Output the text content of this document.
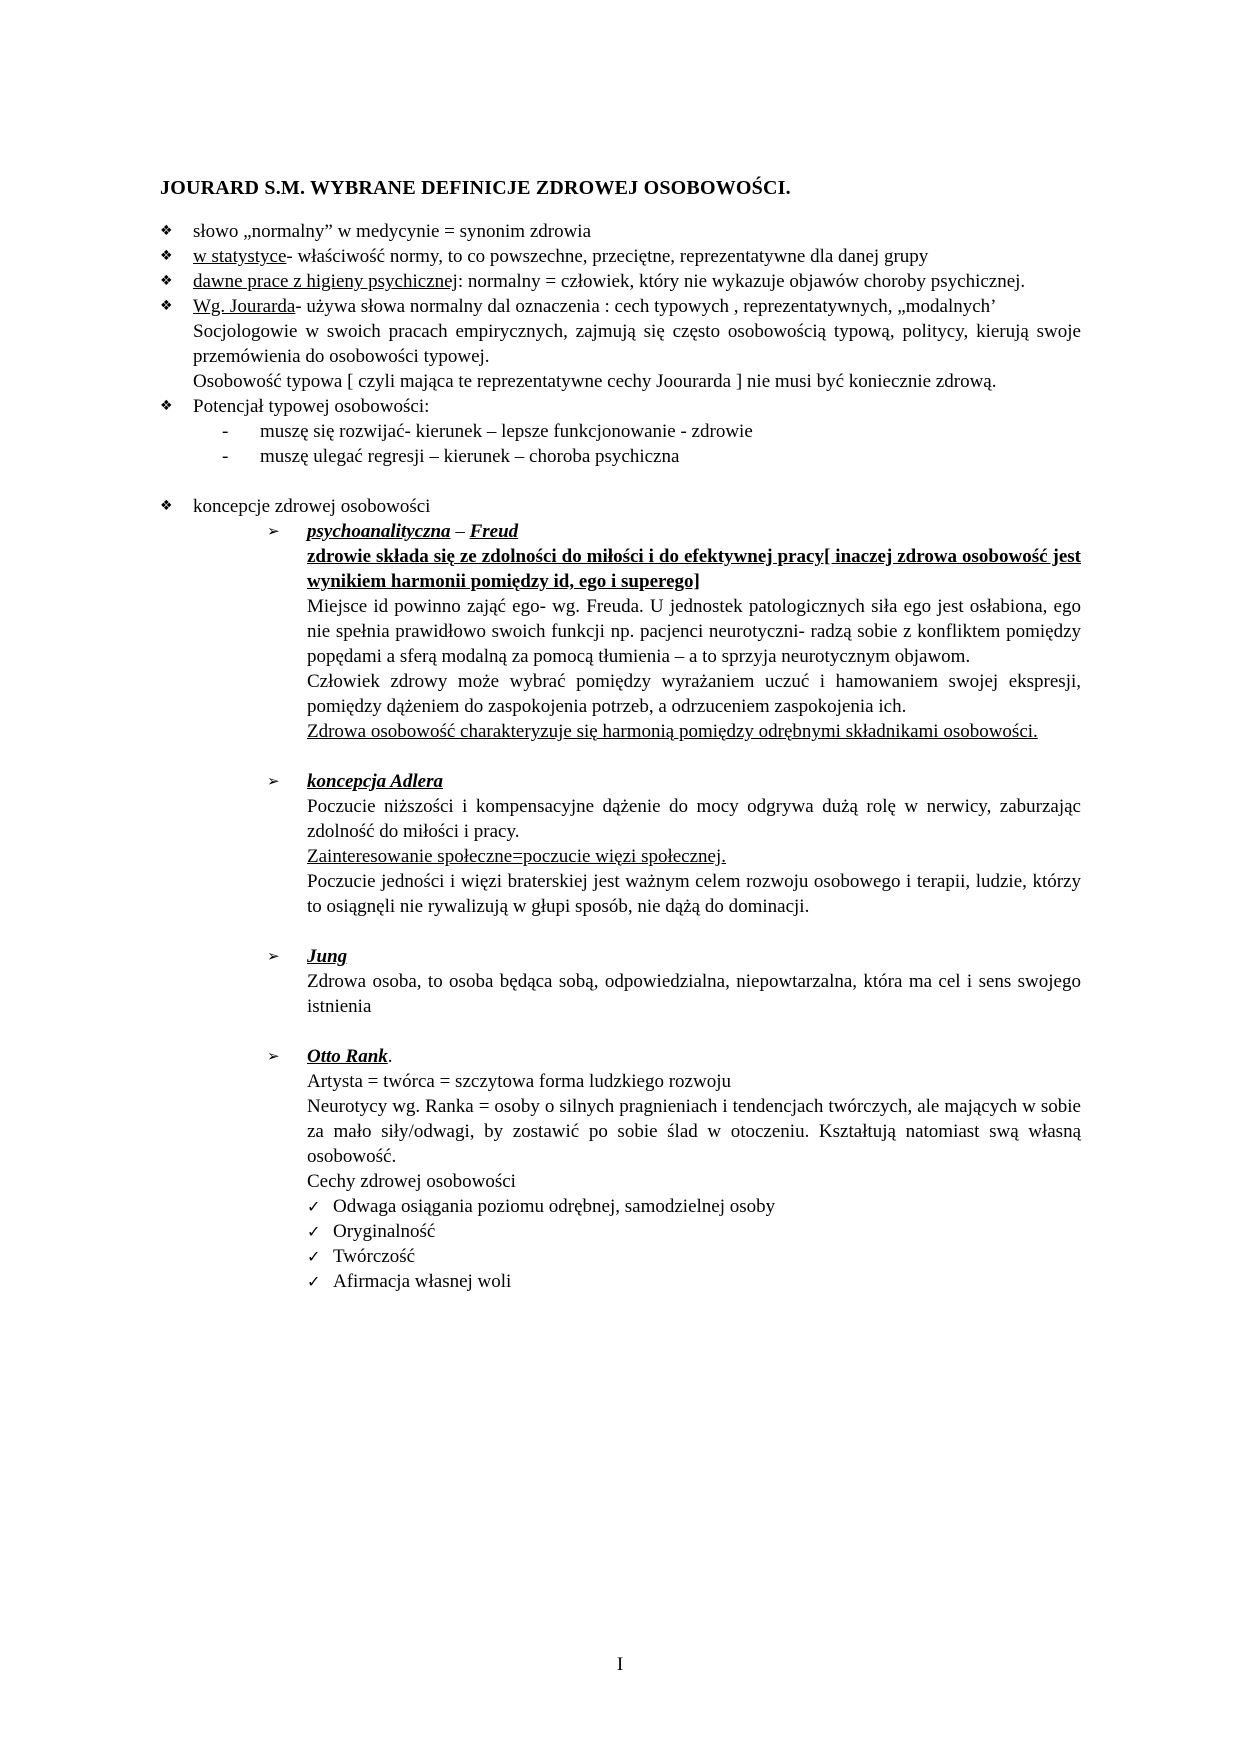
JOURARD S.M. WYBRANE DEFINICJE ZDROWEJ OSOBOWOŚCI.
❖	słowo „normalny” w medycynie = synonim zdrowia
❖	w statystyce- właściwość normy, to co powszechne, przeciętne, reprezentatywne dla danej grupy
❖	dawne prace z higieny psychicznej: normalny = człowiek, który nie wykazuje objawów choroby psychicznej.
❖	Wg. Jourarda- używa słowa normalny dal oznaczenia : cech typowych , reprezentatywnych, „modalnych’
Socjologowie w swoich pracach empirycznych, zajmują się często osobowością typową, politycy, kierują swoje przemówienia do osobowości typowej.
Osobowość typowa [ czyli mająca te reprezentatywne cechy Joourarda ] nie musi być koniecznie zdrową.
❖	Potencjał typowej osobowości:
-	muszę się rozwijać- kierunek – lepsze funkcjonowanie - zdrowie
-	muszę ulegać regresji – kierunek – choroba psychiczna
❖	koncepcje zdrowej osobowości
➢	psychoanalityczna – Freud
zdrowie składa się ze zdolności do miłości i do efektywnej pracy[ inaczej zdrowa osobowość jest wynikiem harmonii pomiędzy id, ego i superego]
Miejsce id powinno zająć ego- wg. Freuda. U jednostek patologicznych siła ego jest osłabiona, ego nie spełnia prawidłowo swoich funkcji np. pacjenci neurotyczni- radzą sobie z konfliktem pomiędzy popędami a sferą modalną za pomocą tłumienia – a to sprzyja neurotycznym objawom.
Człowiek zdrowy może wybrać pomiędzy wyrażaniem uczuć i hamowaniem swojej ekspresji, pomiędzy dążeniem do zaspokojenia potrzeb, a odrzuceniem zaspokojenia ich.
Zdrowa osobowość charakteryzuje się harmonią pomiędzy odrębnymi składnikami osobowości.
➢	koncepcja Adlera
Poczucie niższości i kompensacyjne dążenie do mocy odgrywa dużą rolę w nerwicy, zaburzając zdolność do miłości i pracy.
Zainteresowanie społeczne=poczucie więzi społecznej.
Poczucie jedności i więzi braterskiej jest ważnym celem rozwoju osobowego i terapii, ludzie, którzy to osiągnęli nie rywalizują w głupi sposób, nie dążą do dominacji.
➢	Jung
Zdrowa osoba, to osoba będąca sobą, odpowiedzialna, niepowtarzalna, która ma cel i sens swojego istnienia
➢	Otto Rank.
Artysta = twórca = szczytowa forma ludzkiego rozwoju
Neurotycy wg. Ranka = osoby o silnych pragnieniach i tendencjach twórczych, ale mających w sobie za mało siły/odwagi, by zostawić po sobie ślad w otoczeniu. Kształtują natomiast swą własną osobowość.
Cechy zdrowej osobowości
✓ Odwaga osiągania poziomu odrębnej, samodzielnej osoby
✓ Oryginalność
✓ Twórczość
✓ Afirmacja własnej woli
I
